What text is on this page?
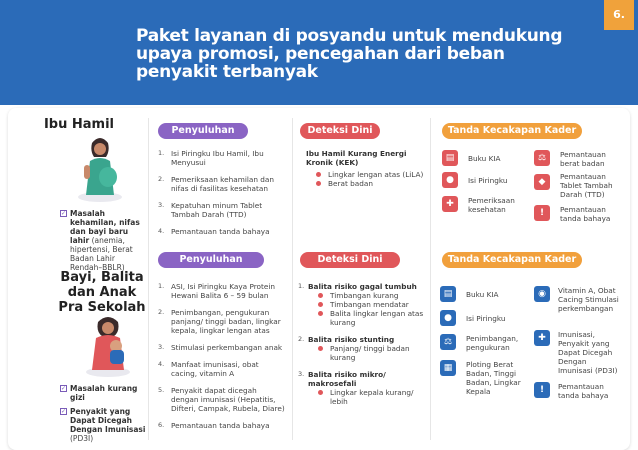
Paket layanan di posyandu untuk mendukung upaya promosi, pencegahan dari beban penyakit terbanyak
6.
Ibu Hamil
✓ Masalah kehamilan, nifas dan bayi baru lahir (anemia, hipertensi, Berat Badan Lahir Rendah–BBLR)
Penyuluhan
1. Isi Piringku Ibu Hamil, Ibu Menyusui
2. Pemeriksaan kehamilan dan nifas di fasilitas kesehatan
3. Kepatuhan minum Tablet Tambah Darah (TTD)
4. Pemantauan tanda bahaya
Deteksi Dini
Ibu Hamil Kurang Energi Kronik (KEK)
Lingkar lengan atas (LiLA)
Berat badan
Tanda Kecakapan Kader
▤	Buku KIA
●	Isi Piringku
✚	Pemeriksaan kesehatan
⚖	Pemantauan berat badan
◆
Pemantauan Tablet Tambah Darah (TTD)
!	Pemantauan tanda bahaya
Bayi, Balita dan Anak Pra Sekolah
✓ Masalah kurang gizi
✓ Penyakit yang Dapat Dicegah Dengan Imunisasi (PD3I)
Penyuluhan
1. ASI, Isi Piringku Kaya Protein Hewani Balita 6 – 59 bulan
2. Penimbangan, pengukuran panjang/ tinggi badan, lingkar kepala, lingkar lengan atas
3. Stimulasi perkembangan anak
4. Manfaat imunisasi, obat cacing, vitamin A
5. Penyakit dapat dicegah dengan imunisasi (Hepatitis, Difteri, Campak, Rubela, Diare)
6. Pemantauan tanda bahaya
Deteksi Dini
1. Balita risiko gagal tumbuh
Timbangan kurang
Timbangan mendatar
Balita lingkar lengan atas kurang
2. Balita risiko stunting
Panjang/ tinggi badan kurang
3. Balita risiko mikro/ makrosefali
Lingkar kepala kurang/ lebih
Tanda Kecakapan Kader
▤	Buku KIA
●	Isi Piringku
⚖	Penimbangan, pengukuran
▦	Ploting Berat Badan, Tinggi Badan, Lingkar Kepala
◉	Vitamin A, Obat Cacing Stimulasi perkembangan
✚	Imunisasi, Penyakit yang Dapat Dicegah Dengan Imunisasi (PD3I)
!	Pemantauan tanda bahaya
